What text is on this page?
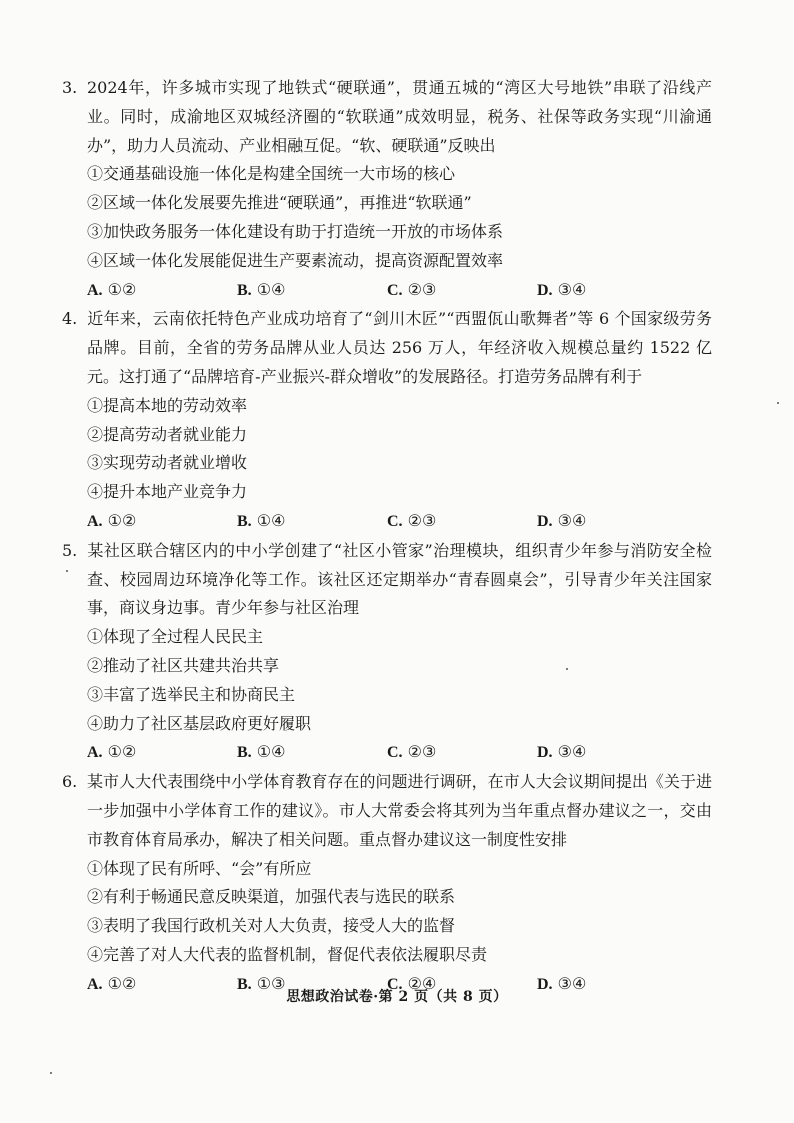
3. 2024年，许多城市实现了地铁式“硬联通”，贯通五城的“湾区大号地铁”串联了沿线产业。同时，成渝地区双城经济圈的“软联通”成效明显，税务、社保等政务实现“川渝通办”，助力人员流动、产业相融互促。“软、硬联通”反映出

①交通基础设施一体化是构建全国统一大市场的核心

②区域一体化发展要先推进“硬联通”，再推进“软联通”

③加快政务服务一体化建设有助于打造统一开放的市场体系

④区域一体化发展能促进生产要素流动，提高资源配置效率

A. ①②	B. ①④	C. ②③	D. ③④

4. 近年来，云南依托特色产业成功培育了“剑川木匠”“西盟佤山歌舞者”等 6 个国家级劳务品牌。目前，全省的劳务品牌从业人员达 256 万人，年经济收入规模总量约 1522 亿元。这打通了“品牌培育-产业振兴-群众增收”的发展路径。打造劳务品牌有利于

①提高本地的劳动效率

②提高劳动者就业能力

③实现劳动者就业增收

④提升本地产业竞争力

A. ①②	B. ①④	C. ②③	D. ③④

5. 某社区联合辖区内的中小学创建了“社区小管家”治理模块，组织青少年参与消防安全检查、校园周边环境净化等工作。该社区还定期举办“青春圆桌会”，引导青少年关注国家事，商议身边事。青少年参与社区治理

①体现了全过程人民民主

②推动了社区共建共治共享

③丰富了选举民主和协商民主

④助力了社区基层政府更好履职

A. ①②	B. ①④	C. ②③	D. ③④

6. 某市人大代表围绕中小学体育教育存在的问题进行调研，在市人大会议期间提出《关于进一步加强中小学体育工作的建议》。市人大常委会将其列为当年重点督办建议之一，交由市教育体育局承办，解决了相关问题。重点督办建议这一制度性安排

①体现了民有所呼、“会”有所应

②有利于畅通民意反映渠道，加强代表与选民的联系

③表明了我国行政机关对人大负责，接受人大的监督

④完善了对人大代表的监督机制，督促代表依法履职尽责

A. ①②	B. ①③	C. ②④	D. ③④
思想政治试卷·第 2 页（共 8 页）
